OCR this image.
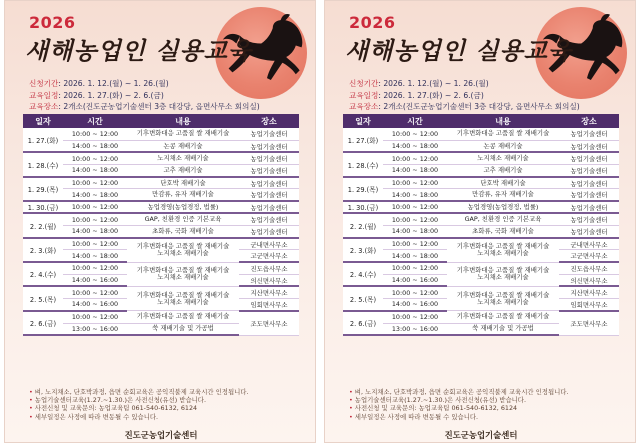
2026
새해농업인 실용교육
신청기간: 2026. 1. 12.(월) ~ 1. 26.(월)
교육일정: 2026. 1. 27.(화) ~ 2. 6.(금)
교육장소: 2개소(진도군농업기술센터 3층 대강당, 읍면사무소 회의실)
일자	시간	내용	장소
1. 27.(화)	10:00 ~ 12:00	기후변화대응 고품질 쌀 재배기술	농업기술센터
	14:00 ~ 18:00	논콩 재배기술	농업기술센터
1. 28.(수)	10:00 ~ 12:00	노지채소 재배기술	농업기술센터
	14:00 ~ 18:00	고추 재배기술	농업기술센터
1. 29.(목)	10:00 ~ 12:00	단호박 재배기술	농업기술센터
	14:00 ~ 18:00	만감류, 유자 재배기술	농업기술센터
1. 30.(금)	10:00 ~ 12:00	농업경영(농업경정, 법률)	농업기술센터
2. 2.(월)	10:00 ~ 12:00	GAP, 친환경 인증 기본교육	농업기술센터
	14:00 ~ 18:00	초화류, 국화 재배기술	농업기술센터
2. 3.(화)	10:00 ~ 12:00	기후변화대응 고품질 쌀 재배기술
노지채소 재배기술	군내면사무소
	14:00 ~ 18:00		고군면사무소
2. 4.(수)	10:00 ~ 12:00	기후변화대응 고품질 쌀 재배기술
노지채소 재배기술	진도읍사무소
	14:00 ~ 16:00		의신면사무소
2. 5.(목)	10:00 ~ 12:00	기후변화대응 고품질 쌀 재배기술
노지채소 재배기술	지산면사무소
	14:00 ~ 16:00		임회면사무소
2. 6.(금)	10:00 ~ 12:00	기후변화대응 고품질 쌀 재배기술	조도면사무소
	13:00 ~ 16:00	쑥 재배기술 및 가공법	
• 벼, 노지채소, 단호박과정, 읍면 순회교육은 공익직불제 교육시간 인정됩니다.
• 농업기술센터교육(1.27.~1.30.)은 사전신청(유선) 받습니다.
• 사전신청 및 교육문의: 농업교육팀 061-540-6132, 6124
• 세부일정은 사정에 따라 변동될 수 있습니다.
진도군농업기술센터
2026
새해농업인 실용교육
신청기간: 2026. 1. 12.(월) ~ 1. 26.(월)
교육일정: 2026. 1. 27.(화) ~ 2. 6.(금)
교육장소: 2개소(진도군농업기술센터 3층 대강당, 읍면사무소 회의실)
일자	시간	내용	장소
1. 27.(화)	10:00 ~ 12:00	기후변화대응 고품질 쌀 재배기술	농업기술센터
	14:00 ~ 18:00	논콩 재배기술	농업기술센터
1. 28.(수)	10:00 ~ 12:00	노지채소 재배기술	농업기술센터
	14:00 ~ 18:00	고추 재배기술	농업기술센터
1. 29.(목)	10:00 ~ 12:00	단호박 재배기술	농업기술센터
	14:00 ~ 18:00	만감류, 유자 재배기술	농업기술센터
1. 30.(금)	10:00 ~ 12:00	농업경영(농업경정, 법률)	농업기술센터
2. 2.(월)	10:00 ~ 12:00	GAP, 친환경 인증 기본교육	농업기술센터
	14:00 ~ 18:00	초화류, 국화 재배기술	농업기술센터
2. 3.(화)	10:00 ~ 12:00	기후변화대응 고품질 쌀 재배기술
노지채소 재배기술	군내면사무소
	14:00 ~ 18:00		고군면사무소
2. 4.(수)	10:00 ~ 12:00	기후변화대응 고품질 쌀 재배기술
노지채소 재배기술	진도읍사무소
	14:00 ~ 16:00		의신면사무소
2. 5.(목)	10:00 ~ 12:00	기후변화대응 고품질 쌀 재배기술
노지채소 재배기술	지산면사무소
	14:00 ~ 16:00		임회면사무소
2. 6.(금)	10:00 ~ 12:00	기후변화대응 고품질 쌀 재배기술	조도면사무소
	13:00 ~ 16:00	쑥 재배기술 및 가공법	
• 벼, 노지채소, 단호박과정, 읍면 순회교육은 공익직불제 교육시간 인정됩니다.
• 농업기술센터교육(1.27.~1.30.)은 사전신청(유선) 받습니다.
• 사전신청 및 교육문의: 농업교육팀 061-540-6132, 6124
• 세부일정은 사정에 따라 변동될 수 있습니다.
진도군농업기술센터
